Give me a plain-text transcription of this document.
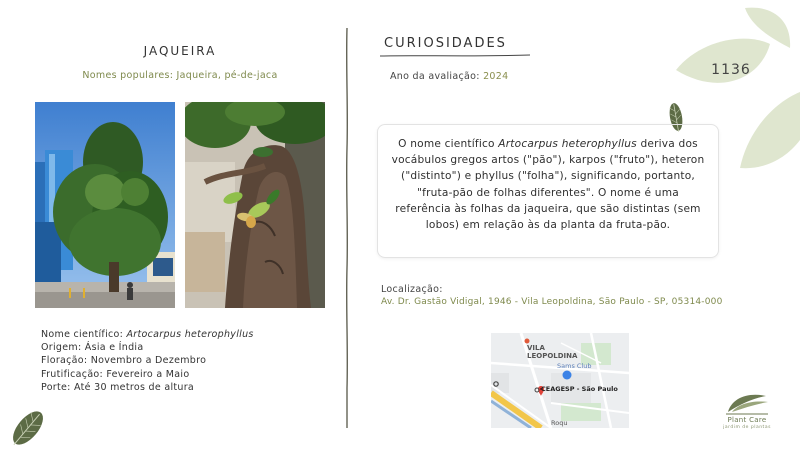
JAQUEIRA
Nomes populares: Jaqueira, pé-de-jaca
Nome científico: Artocarpus heterophyllus
Origem: Ásia e Índia
Floração: Novembro a Dezembro
Frutificação: Fevereiro a Maio
Porte: Até 30 metros de altura
CURIOSIDADES
Ano da avaliação: 2024	1136
O nome científico Artocarpus heterophyllus deriva dos vocábulos gregos artos ("pão"), karpos ("fruto"), heteron ("distinto") e phyllus ("folha"), significando, portanto, "fruta-pão de folhas diferentes". O nome é uma referência às folhas da jaqueira, que são distintas (sem lobos) em relação às da planta da fruta-pão.
Localização:
Av. Dr. Gastão Vidigal, 1946 - Vila Leopoldina, São Paulo - SP, 05314-000
VILA
LEOPOLDINA
Sams Club
CEAGESP - São Paulo
Roqu	Plant Care
jardim de plantas
